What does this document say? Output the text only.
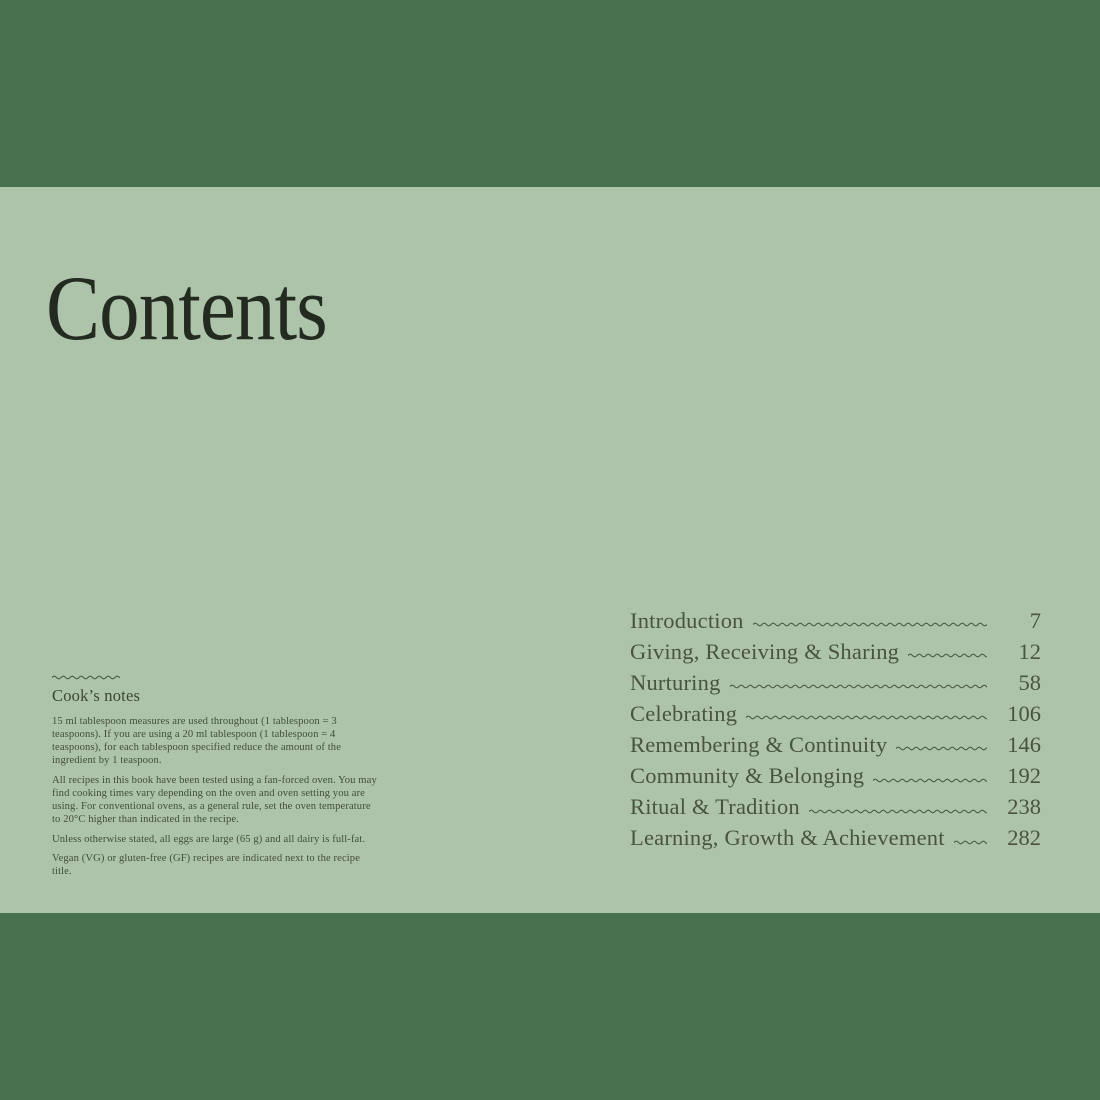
Contents
Cook’s notes

15 ml tablespoon measures are used throughout (1 tablespoon = 3 teaspoons). If you are using a 20 ml tablespoon (1 tablespoon = 4 teaspoons), for each tablespoon specified reduce the amount of the ingredient by 1 teaspoon.

All recipes in this book have been tested using a fan-forced oven. You may find cooking times vary depending on the oven and oven setting you are using. For conventional ovens, as a general rule, set the oven temperature to 20°C higher than indicated in the recipe.

Unless otherwise stated, all eggs are large (65 g) and all dairy is full-fat.

Vegan (VG) or gluten-free (GF) recipes are indicated next to the recipe title.

Introduction	7
Giving, Receiving & Sharing	12
Nurturing	58
Celebrating	106
Remembering & Continuity	146
Community & Belonging	192
Ritual & Tradition	238
Learning, Growth & Achievement	282
